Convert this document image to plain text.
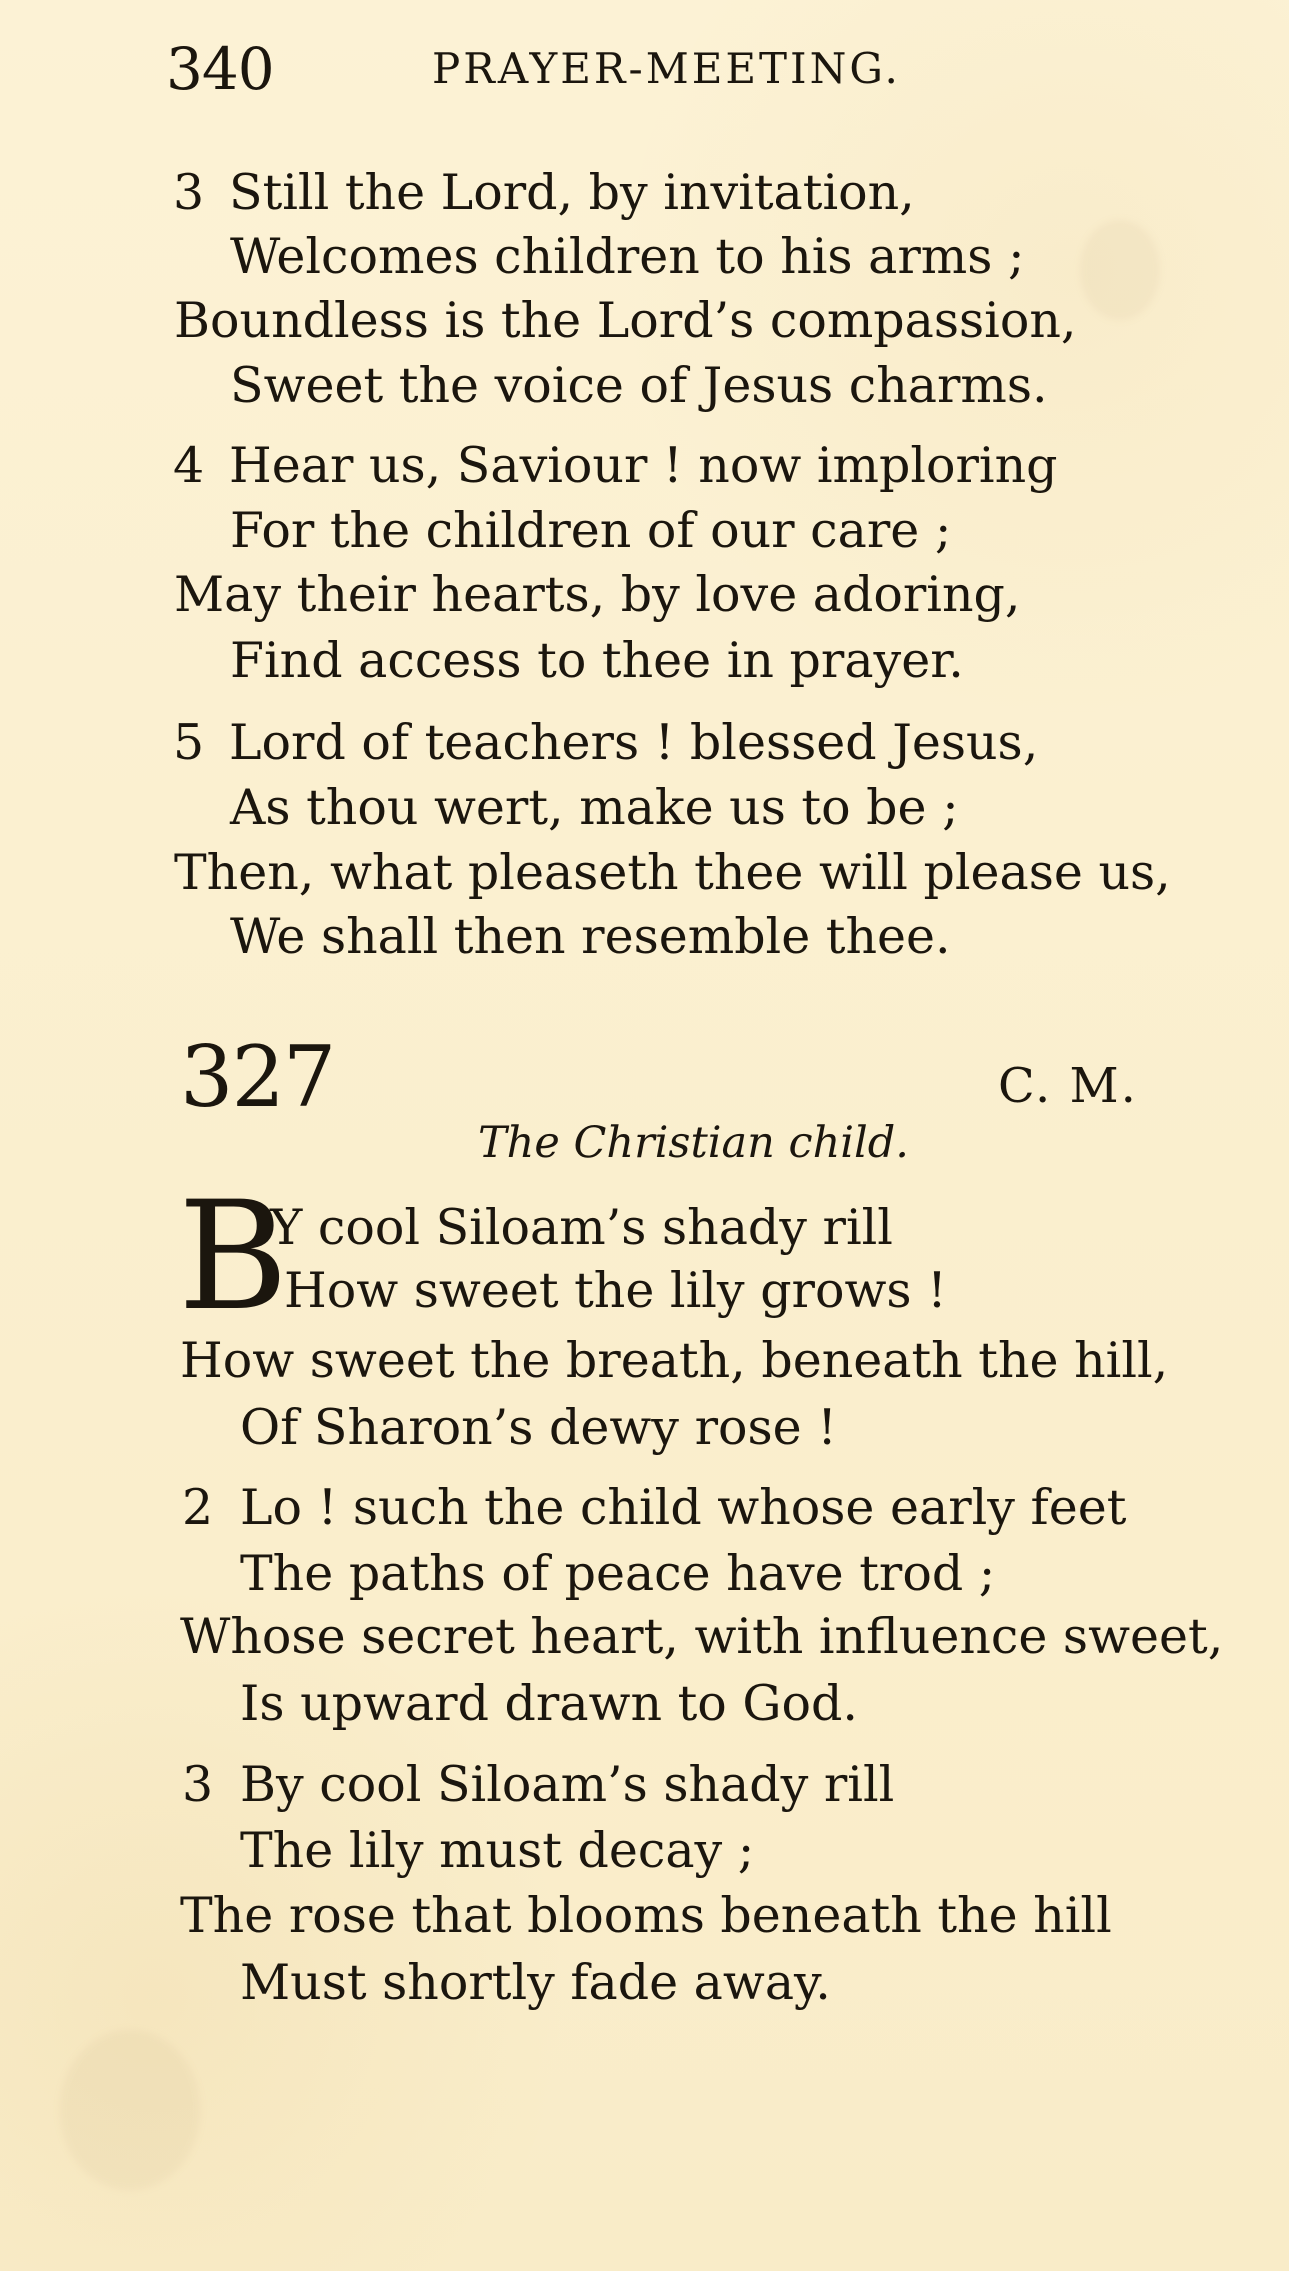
340	PRAYER-MEETING.
3 Still the Lord, by invitation,
Welcomes children to his arms ;
Boundless is the Lord’s compassion,
Sweet the voice of Jesus charms.
4 Hear us, Saviour ! now imploring
For the children of our care ;
May their hearts, by love adoring,
Find access to thee in prayer.
5 Lord of teachers ! blessed Jesus,
As thou wert, make us to be ;
Then, what pleaseth thee will please us,
We shall then resemble thee.
327	C. M.
The Christian child.
B
Y cool Siloam’s shady rill
How sweet the lily grows !
How sweet the breath, beneath the hill,
Of Sharon’s dewy rose !
2 Lo ! such the child whose early feet
The paths of peace have trod ;
Whose secret heart, with influence sweet,
Is upward drawn to God.
3 By cool Siloam’s shady rill
The lily must decay ;
The rose that blooms beneath the hill
Must shortly fade away.
